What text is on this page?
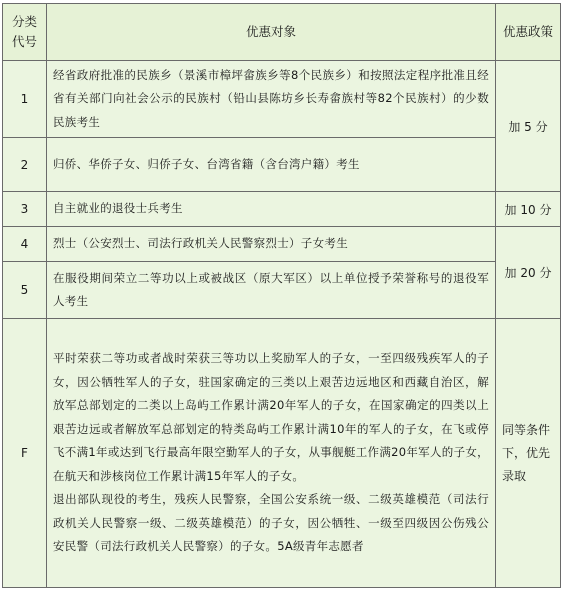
分类
代号	优惠对象	优惠政策
1	经省政府批准的民族乡（景溪市樟坪畲族乡等8个民族乡）和按照法定程序批准且经省有关部门向社会公示的民族村（铅山县陈坊乡长寿畲族村等82个民族村）的少数民族考生	加 5 分
2	归侨、华侨子女、归侨子女、台湾省籍（含台湾户籍）考生	
3	自主就业的退役士兵考生	加 10 分
4	烈士（公安烈士、司法行政机关人民警察烈士）子女考生	加 20 分
5	在服役期间荣立二等功以上或被战区（原大军区）以上单位授予荣誉称号的退役军人考生	
F	平时荣获二等功或者战时荣获三等功以上奖励军人的子女，一至四级残疾军人的子女，因公牺牲军人的子女，驻国家确定的三类以上艰苦边远地区和西藏自治区，解放军总部划定的二类以上岛屿工作累计满20年军人的子女，在国家确定的四类以上艰苦边远或者解放军总部划定的特类岛屿工作累计满10年的军人的子女，在飞或停飞不满1年或达到飞行最高年限空勤军人的子女，从事舰艇工作满20年军人的子女，在航天和涉核岗位工作累计满15年军人的子女。
退出部队现役的考生，残疾人民警察，全国公安系统一级、二级英雄模范（司法行政机关人民警察一级、二级英雄模范）的子女，因公牺牲、一级至四级因公伤残公安民警（司法行政机关人民警察）的子女。5A级青年志愿者	同等条件下，优先录取
